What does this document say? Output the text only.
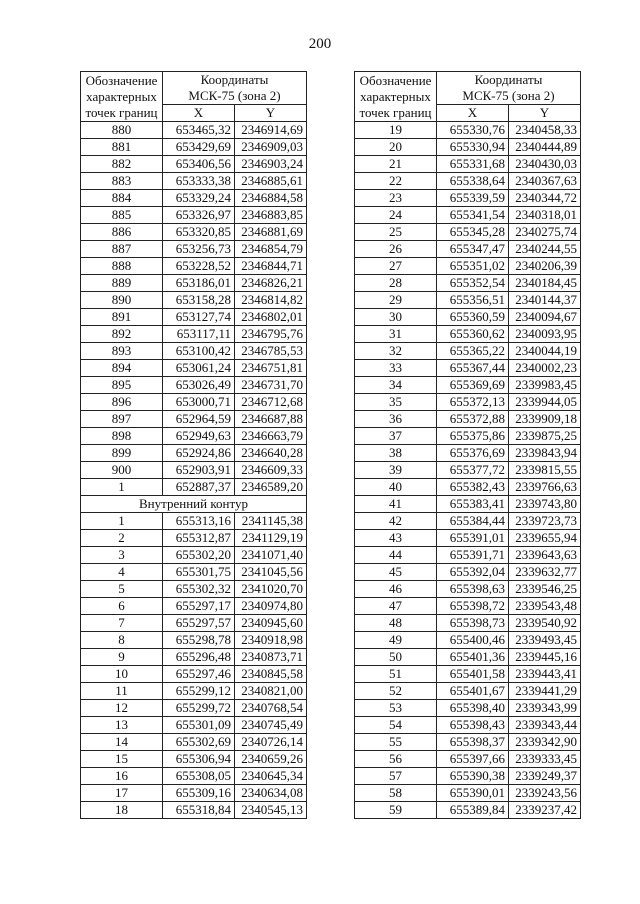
200
Обозначение
характерных
точек границ	Координаты	

	МСК-75 (зона 2)	

	X	Y
880	653465,32	2346914,69
881	653429,69	2346909,03
882	653406,56	2346903,24
883	653333,38	2346885,61
884	653329,24	2346884,58
885	653326,97	2346883,85
886	653320,85	2346881,69
887	653256,73	2346854,79
888	653228,52	2346844,71
889	653186,01	2346826,21
890	653158,28	2346814,82
891	653127,74	2346802,01
892	653117,11	2346795,76
893	653100,42	2346785,53
894	653061,24	2346751,81
895	653026,49	2346731,70
896	653000,71	2346712,68
897	652964,59	2346687,88
898	652949,63	2346663,79
899	652924,86	2346640,28
900	652903,91	2346609,33
1	652887,37	2346589,20
Внутренний контур		
1	655313,16	2341145,38
2	655312,87	2341129,19
3	655302,20	2341071,40
4	655301,75	2341045,56
5	655302,32	2341020,70
6	655297,17	2340974,80
7	655297,57	2340945,60
8	655298,78	2340918,98
9	655296,48	2340873,71
10	655297,46	2340845,58
11	655299,12	2340821,00
12	655299,72	2340768,54
13	655301,09	2340745,49
14	655302,69	2340726,14
15	655306,94	2340659,26
16	655308,05	2340645,34
17	655309,16	2340634,08
18	655318,84	2340545,13
Обозначение
характерных
точек границ	Координаты	

	МСК-75 (зона 2)	

	X	Y
19	655330,76	2340458,33
20	655330,94	2340444,89
21	655331,68	2340430,03
22	655338,64	2340367,63
23	655339,59	2340344,72
24	655341,54	2340318,01
25	655345,28	2340275,74
26	655347,47	2340244,55
27	655351,02	2340206,39
28	655352,54	2340184,45
29	655356,51	2340144,37
30	655360,59	2340094,67
31	655360,62	2340093,95
32	655365,22	2340044,19
33	655367,44	2340002,23
34	655369,69	2339983,45
35	655372,13	2339944,05
36	655372,88	2339909,18
37	655375,86	2339875,25
38	655376,69	2339843,94
39	655377,72	2339815,55
40	655382,43	2339766,63
41	655383,41	2339743,80
42	655384,44	2339723,73
43	655391,01	2339655,94
44	655391,71	2339643,63
45	655392,04	2339632,77
46	655398,63	2339546,25
47	655398,72	2339543,48
48	655398,73	2339540,92
49	655400,46	2339493,45
50	655401,36	2339445,16
51	655401,58	2339443,41
52	655401,67	2339441,29
53	655398,40	2339343,99
54	655398,43	2339343,44
55	655398,37	2339342,90
56	655397,66	2339333,45
57	655390,38	2339249,37
58	655390,01	2339243,56
59	655389,84	2339237,42
